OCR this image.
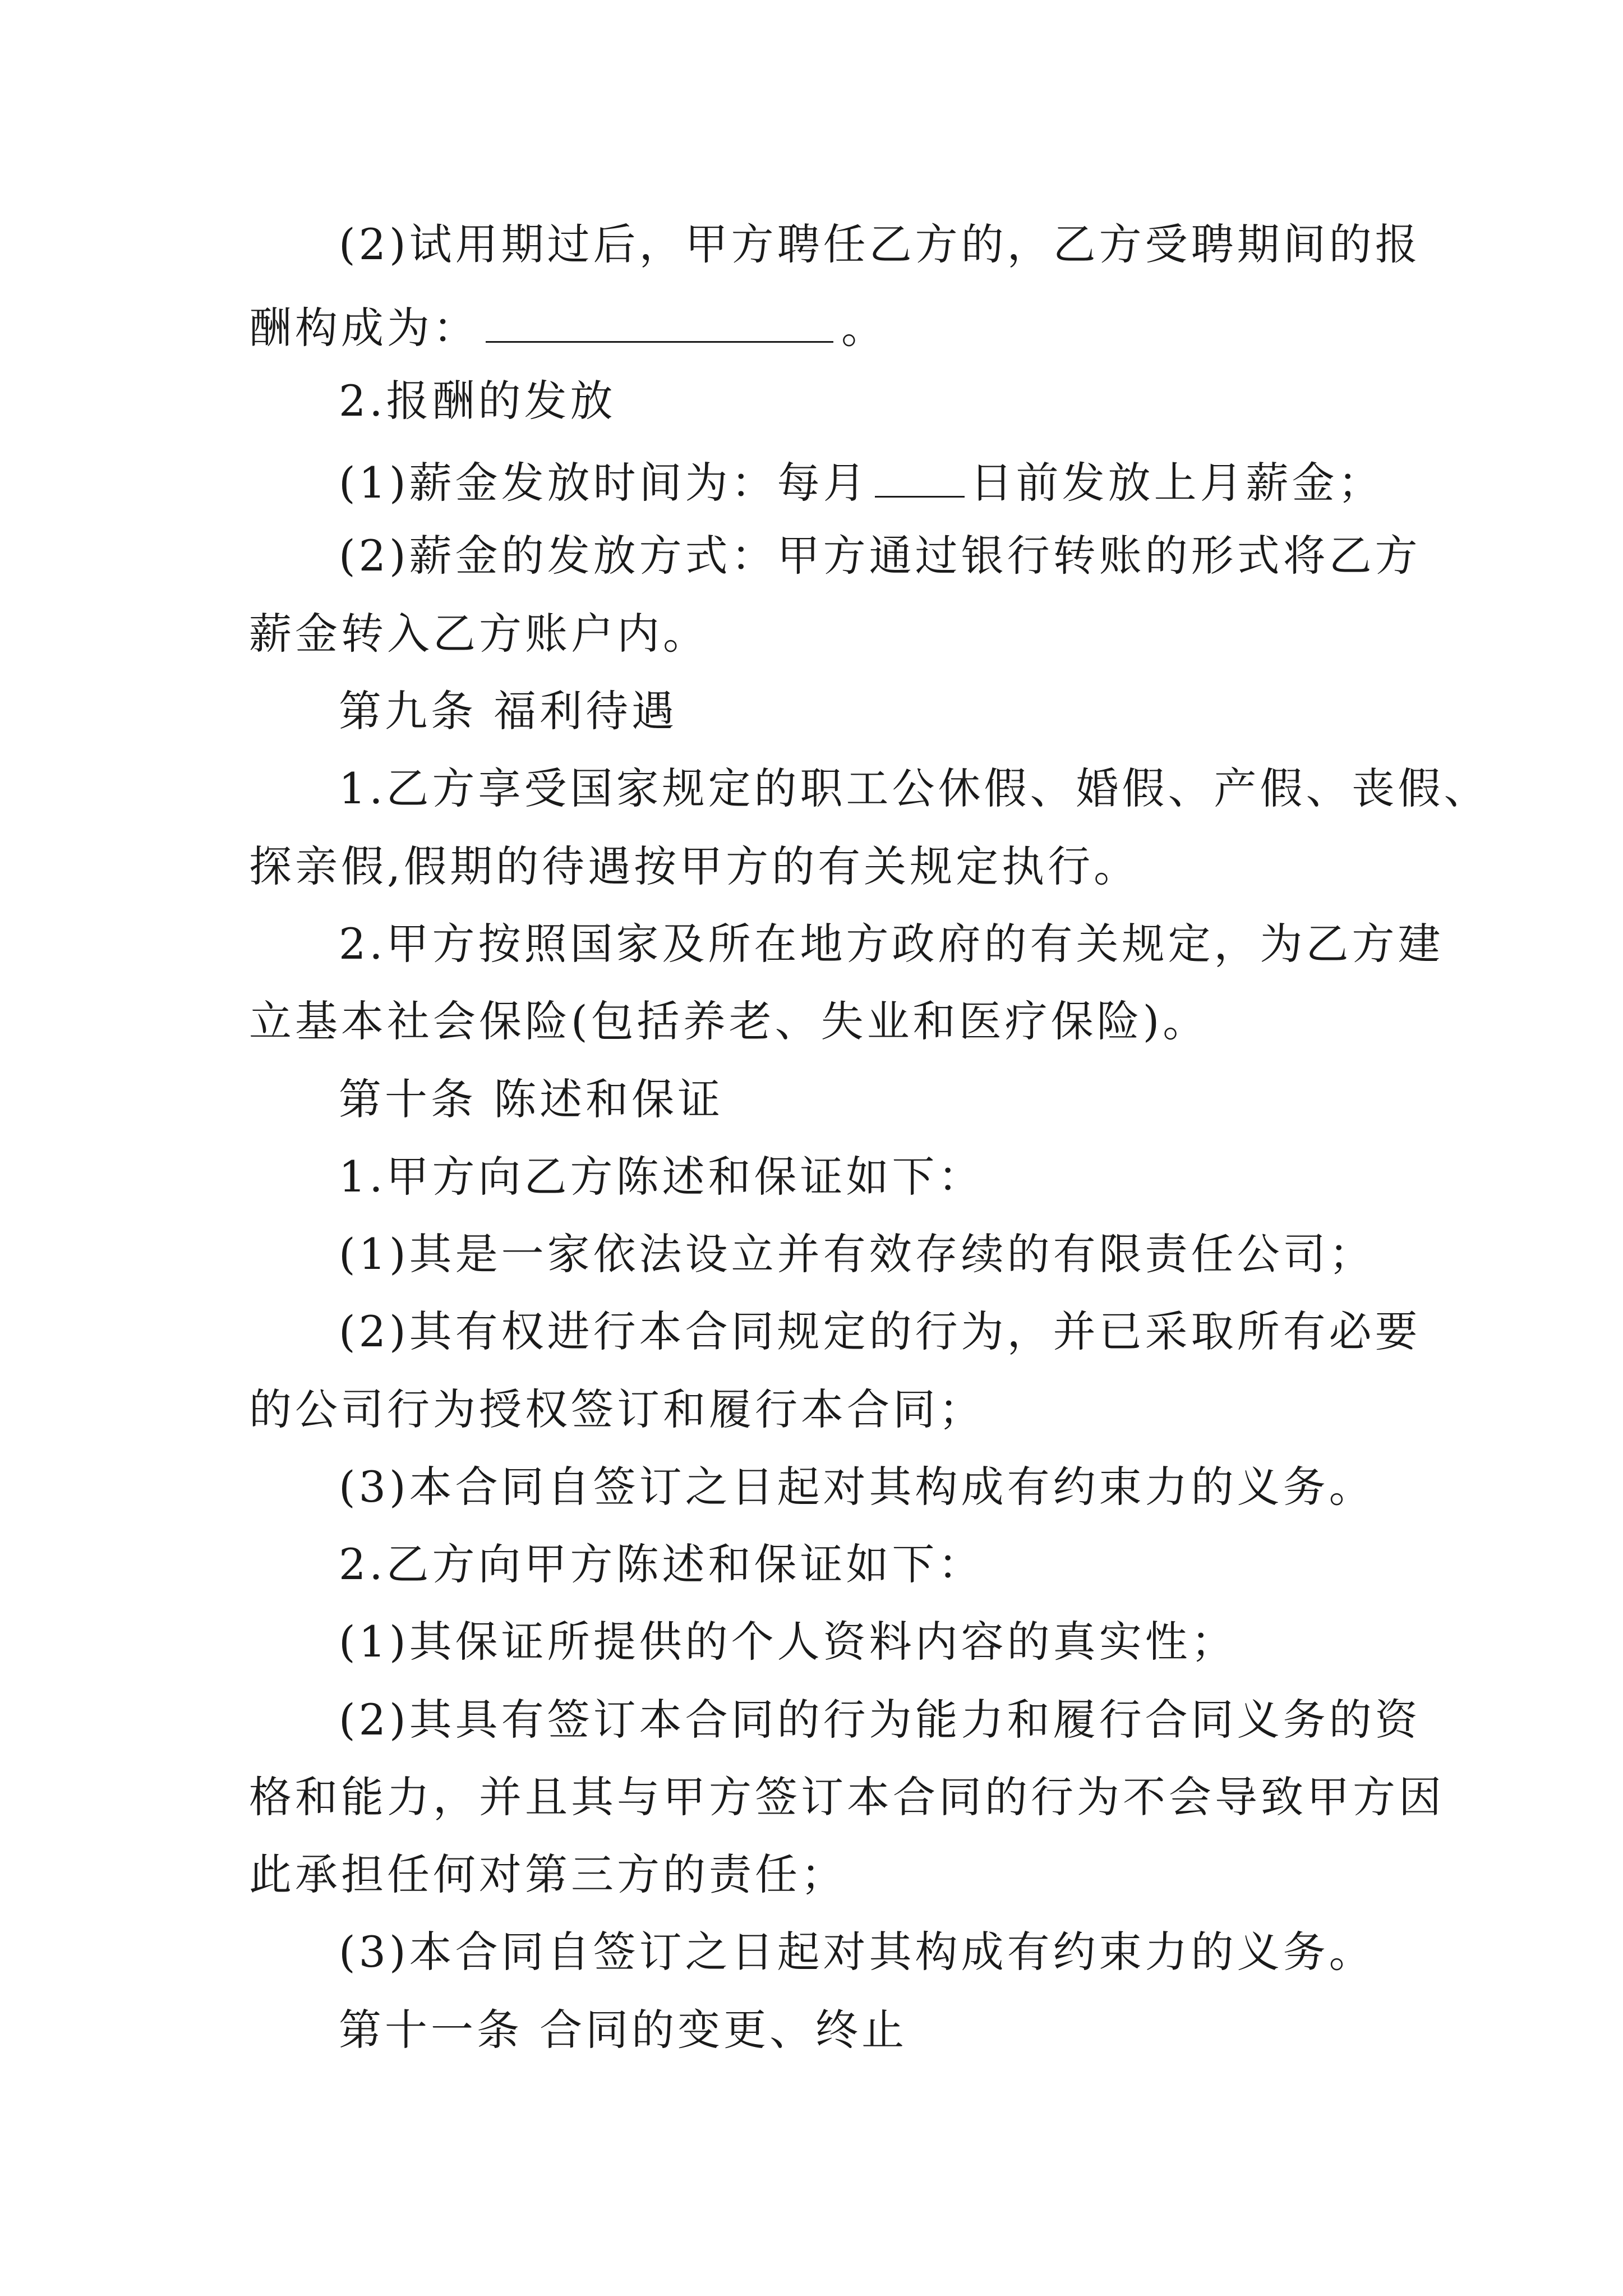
(2)试用期过后，甲方聘任乙方的，乙方受聘期间的报
酬构成为：	。
2.报酬的发放
(1)薪金发放时间为：每月 日前发放上月薪金；
(2)薪金的发放方式：甲方通过银行转账的形式将乙方
薪金转入乙方账户内。
第九条 福利待遇
1.乙方享受国家规定的职工公休假、婚假、产假、丧假、
探亲假,假期的待遇按甲方的有关规定执行。
2.甲方按照国家及所在地方政府的有关规定，为乙方建
立基本社会保险(包括养老、失业和医疗保险)。
第十条 陈述和保证
1.甲方向乙方陈述和保证如下：
(1)其是一家依法设立并有效存续的有限责任公司；
(2)其有权进行本合同规定的行为，并已采取所有必要
的公司行为授权签订和履行本合同；
(3)本合同自签订之日起对其构成有约束力的义务。
2.乙方向甲方陈述和保证如下：
(1)其保证所提供的个人资料内容的真实性；
(2)其具有签订本合同的行为能力和履行合同义务的资
格和能力，并且其与甲方签订本合同的行为不会导致甲方因
此承担任何对第三方的责任；
(3)本合同自签订之日起对其构成有约束力的义务。
第十一条 合同的变更、终止
